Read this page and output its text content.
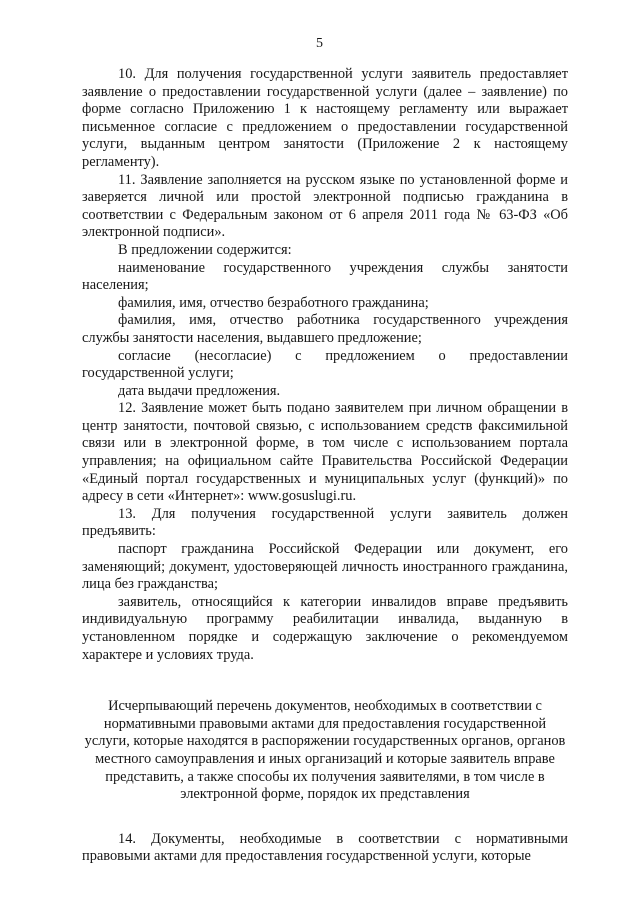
5

10. Для получения государственной услуги заявитель предоставляет заявление о предоставлении государственной услуги (далее – заявление) по форме согласно Приложению 1 к настоящему регламенту или выражает письменное согласие с предложением о предоставлении государственной услуги, выданным центром занятости (Приложение 2 к настоящему регламенту).

11. Заявление заполняется на русском языке по установленной форме и заверяется личной или простой электронной подписью гражданина в соответствии с Федеральным законом от 6 апреля 2011 года № 63-ФЗ «Об электронной подписи».

В предложении содержится:

наименование государственного учреждения службы занятости населения;

фамилия, имя, отчество безработного гражданина;

фамилия, имя, отчество работника государственного учреждения службы занятости населения, выдавшего предложение;

согласие (несогласие) с предложением о предоставлении государственной услуги;

дата выдачи предложения.

12. Заявление может быть подано заявителем при личном обращении в центр занятости, почтовой связью, с использованием средств факсимильной связи или в электронной форме, в том числе с использованием портала управления; на официальном сайте Правительства Российской Федерации «Единый портал государственных и муниципальных услуг (функций)» по адресу в сети «Интернет»: www.gosuslugi.ru.

13. Для получения государственной услуги заявитель должен предъявить:

паспорт гражданина Российской Федерации или документ, его заменяющий; документ, удостоверяющей личность иностранного гражданина, лица без гражданства;

заявитель, относящийся к категории инвалидов вправе предъявить индивидуальную программу реабилитации инвалида, выданную в установленном порядке и содержащую заключение о рекомендуемом характере и условиях труда.

Исчерпывающий перечень документов, необходимых в соответствии с нормативными правовыми актами для предоставления государственной услуги, которые находятся в распоряжении государственных органов, органов местного самоуправления и иных организаций и которые заявитель вправе представить, а также способы их получения заявителями, в том числе в электронной форме, порядок их представления

14. Документы, необходимые в соответствии с нормативными правовыми актами для предоставления государственной услуги, которые
